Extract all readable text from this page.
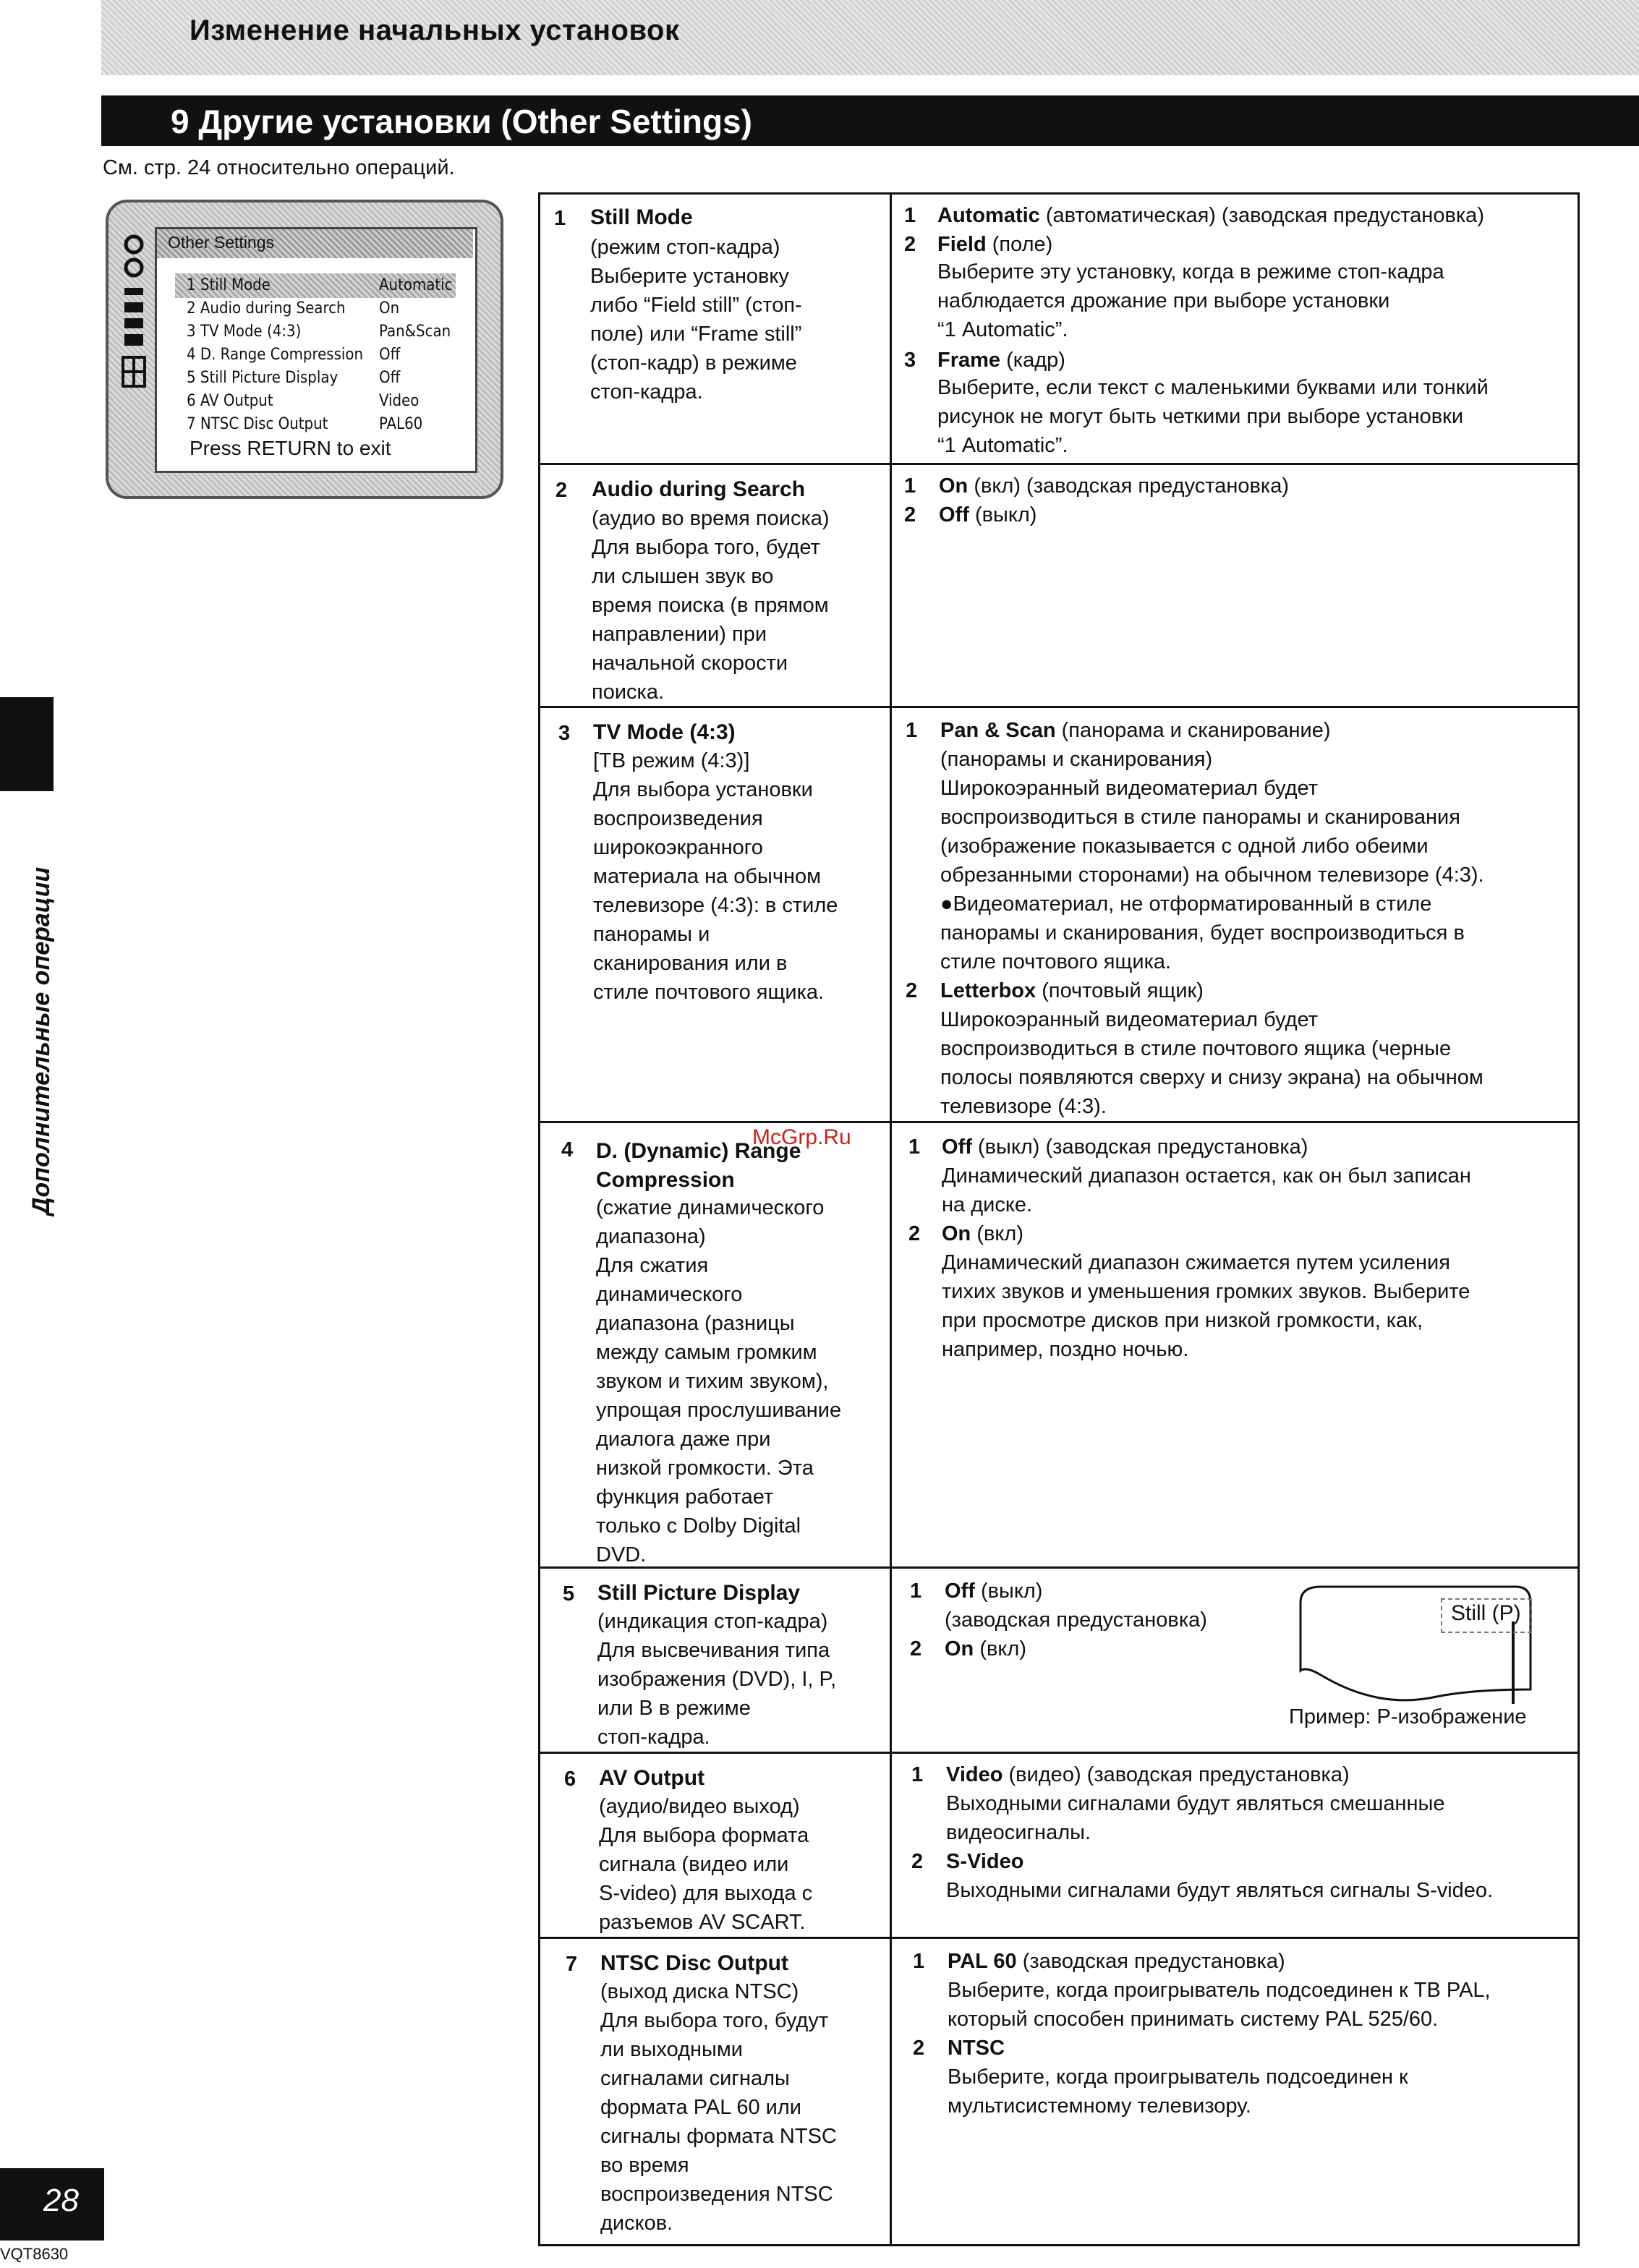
Изменение начальных установок
9 Другие установки (Other Settings)
См. стр. 24 относительно операций.
Other Settings
1 Still Mode	Automatic
2 Audio during Search On
3 TV Mode (4:3)	Pan&Scan
4 D. Range Compression Off
5 Still Picture Display	Off
6 AV Output	Video
7 NTSC Disc Output	PAL60
Press RETURN to exit
Дополнительные операции
28
VQT8630
1 Still Mode
(режим стоп-кадра)
Выберите установку
либо “Field still” (стоп-
поле) или “Frame still”
(стоп-кадр) в режиме
стоп-кадра.
1 Automatic (автоматическая) (заводская предустановка)
2 Field (поле)
Выберите эту установку, когда в режиме стоп-кадра
наблюдается дрожание при выборе установки
“1 Automatic”.
3 Frame (кадр)
Выберите, если текст с маленькими буквами или тонкий
рисунок не могут быть четкими при выборе установки
“1 Automatic”.
2 Audio during Search
(аудио во время поиска)
Для выбора того, будет
ли слышен звук во
время поиска (в прямом
направлении) при
начальной скорости
поиска.
1 On (вкл) (заводская предустановка)
2 Off (выкл)
3 TV Mode (4:3)
[ТВ режим (4:3)]
Для выбора установки
воспроизведения
широкоэкранного
материала на обычном
телевизоре (4:3): в стиле
панорамы и
сканирования или в
стиле почтового ящика.
1 Pan & Scan (панорама и сканирование)
(панорамы и сканирования)
Широкоэранный видеоматериал будет
воспроизводиться в стиле панорамы и сканирования
(изображение показывается с одной либо обеими
обрезанными сторонами) на обычном телевизоре (4:3).
●Видеоматериал, не отформатированный в стиле
панорамы и сканирования, будет воспроизводиться в
стиле почтового ящика.
2 Letterbox (почтовый ящик)
Широкоэранный видеоматериал будет
воспроизводиться в стиле почтового ящика (черные
полосы появляются сверху и снизу экрана) на обычном
телевизоре (4:3).
4 D. (Dynamic) Range
Compression
(сжатие динамического
диапазона)
Для сжатия
динамического
диапазона (разницы
между самым громким
звуком и тихим звуком),
упрощая прослушивание
диалога даже при
низкой громкости. Эта
функция работает
только с Dolby Digital
DVD.
1 Off (выкл) (заводская предустановка)
Динамический диапазон остается, как он был записан
на диске.
2 On (вкл)
Динамический диапазон сжимается путем усиления
тихих звуков и уменьшения громких звуков. Выберите
при просмотре дисков при низкой громкости, как,
например, поздно ночью.
5 Still Picture Display
(индикация стоп-кадра)
Для высвечивания типа
изображения (DVD), I, P,
или B в режиме
стоп-кадра.
1 Off (выкл)
(заводская предустановка)
2 On (вкл)
Still (P)
Пример: P-изображение
6 AV Output
(аудио/видео выход)
Для выбора формата
сигнала (видео или
S-video) для выхода с
разъемов AV SCART.
1 Video (видео) (заводская предустановка)
Выходными сигналами будут являться смешанные
видеосигналы.
2 S-Video
Выходными сигналами будут являться сигналы S-video.
7 NTSC Disc Output
(выход диска NTSC)
Для выбора того, будут
ли выходными
сигналами сигналы
формата PAL 60 или
сигналы формата NTSC
во время
воспроизведения NTSC
дисков.
1 PAL 60 (заводская предустановка)
Выберите, когда проигрыватель подсоединен к ТВ PAL,
который способен принимать систему PAL 525/60.
2 NTSC
Выберите, когда проигрыватель подсоединен к
мультисистемному телевизору.
McGrp.Ru
